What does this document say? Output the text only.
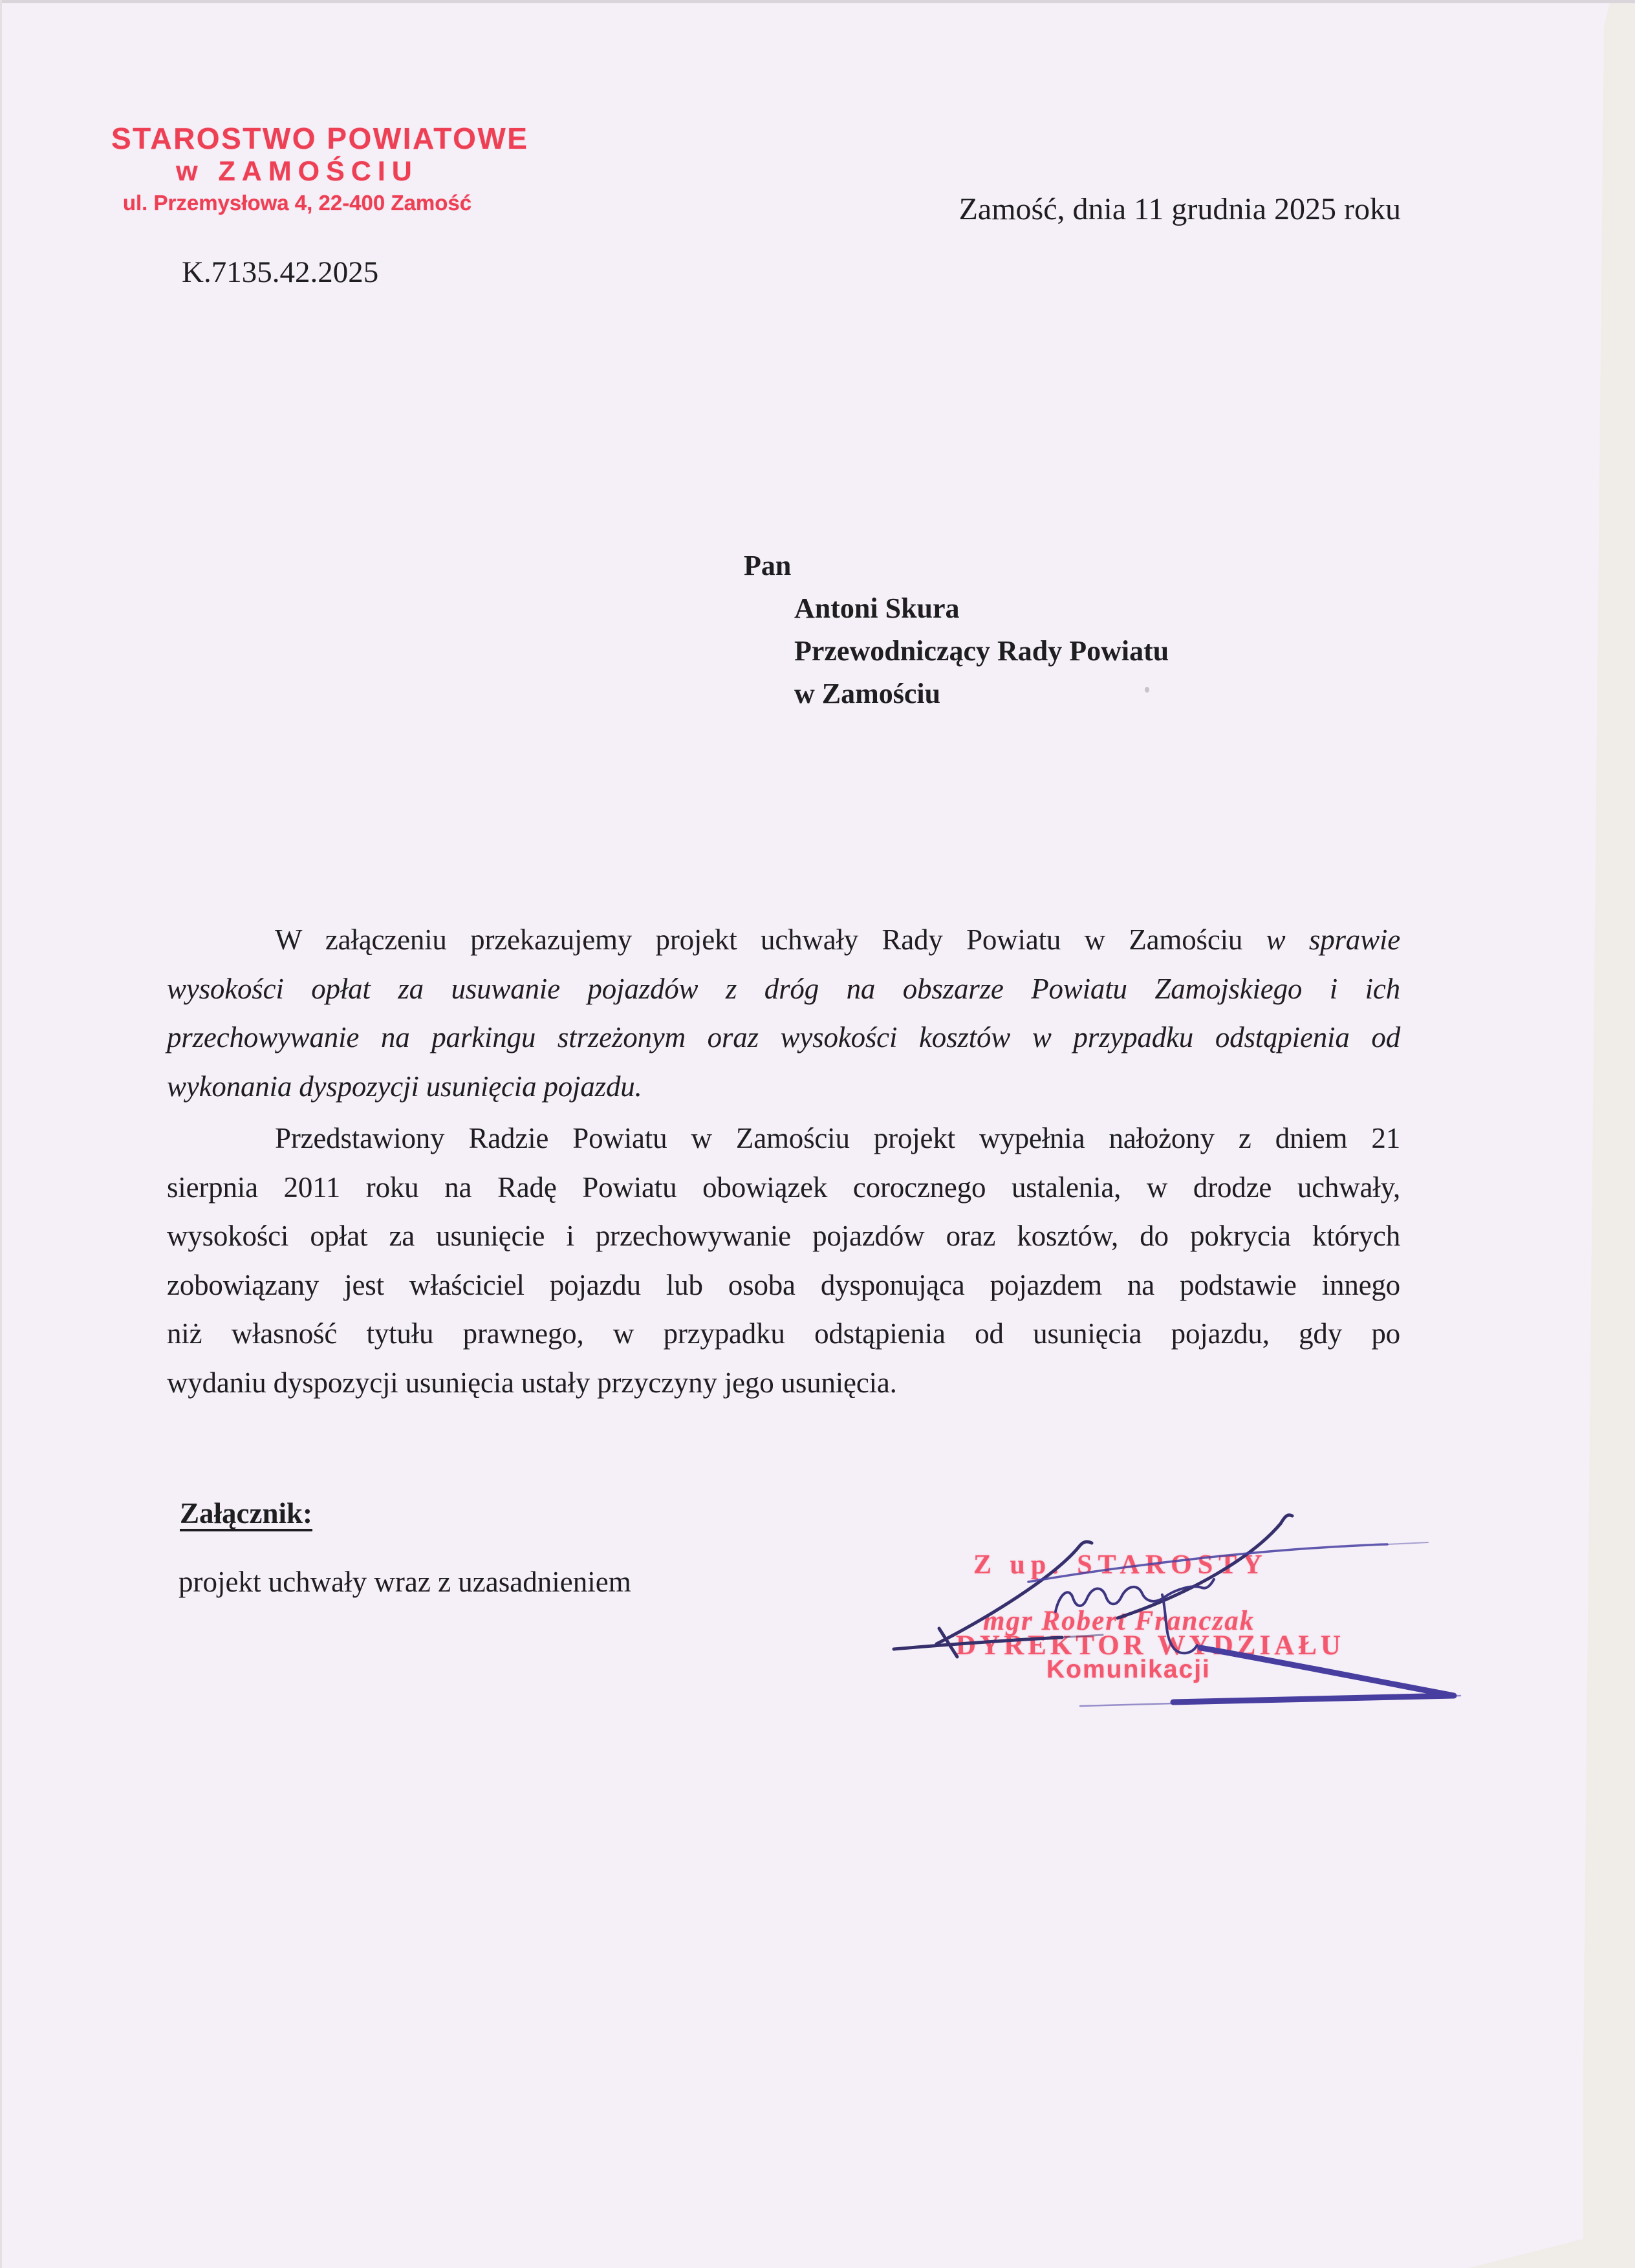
STAROSTWO POWIATOWE
w ZAMOŚCIU
ul. Przemysłowa 4, 22-400 Zamość
K.7135.42.2025
Zamość, dnia 11 grudnia 2025 roku
Pan
Antoni Skura
Przewodniczący Rady Powiatu
w Zamościu
W załączeniu przekazujemy projekt uchwały Rady Powiatu w Zamościu w sprawie
wysokości opłat za usuwanie pojazdów z dróg na obszarze Powiatu Zamojskiego i ich
przechowywanie na parkingu strzeżonym oraz wysokości kosztów w przypadku odstąpienia od
wykonania dyspozycji usunięcia pojazdu.
Przedstawiony Radzie Powiatu w Zamościu projekt wypełnia nałożony z dniem 21
sierpnia 2011 roku na Radę Powiatu obowiązek corocznego ustalenia, w drodze uchwały,
wysokości opłat za usunięcie i przechowywanie pojazdów oraz kosztów, do pokrycia których
zobowiązany jest właściciel pojazdu lub osoba dysponująca pojazdem na podstawie innego
niż własność tytułu prawnego, w przypadku odstąpienia od usunięcia pojazdu, gdy po
wydaniu dyspozycji usunięcia ustały przyczyny jego usunięcia.
Załącznik:
projekt uchwały wraz z uzasadnieniem
Z up. STAROSTY
mgr Robert Franczak
DYREKTOR WYDZIAŁU
Komunikacji
